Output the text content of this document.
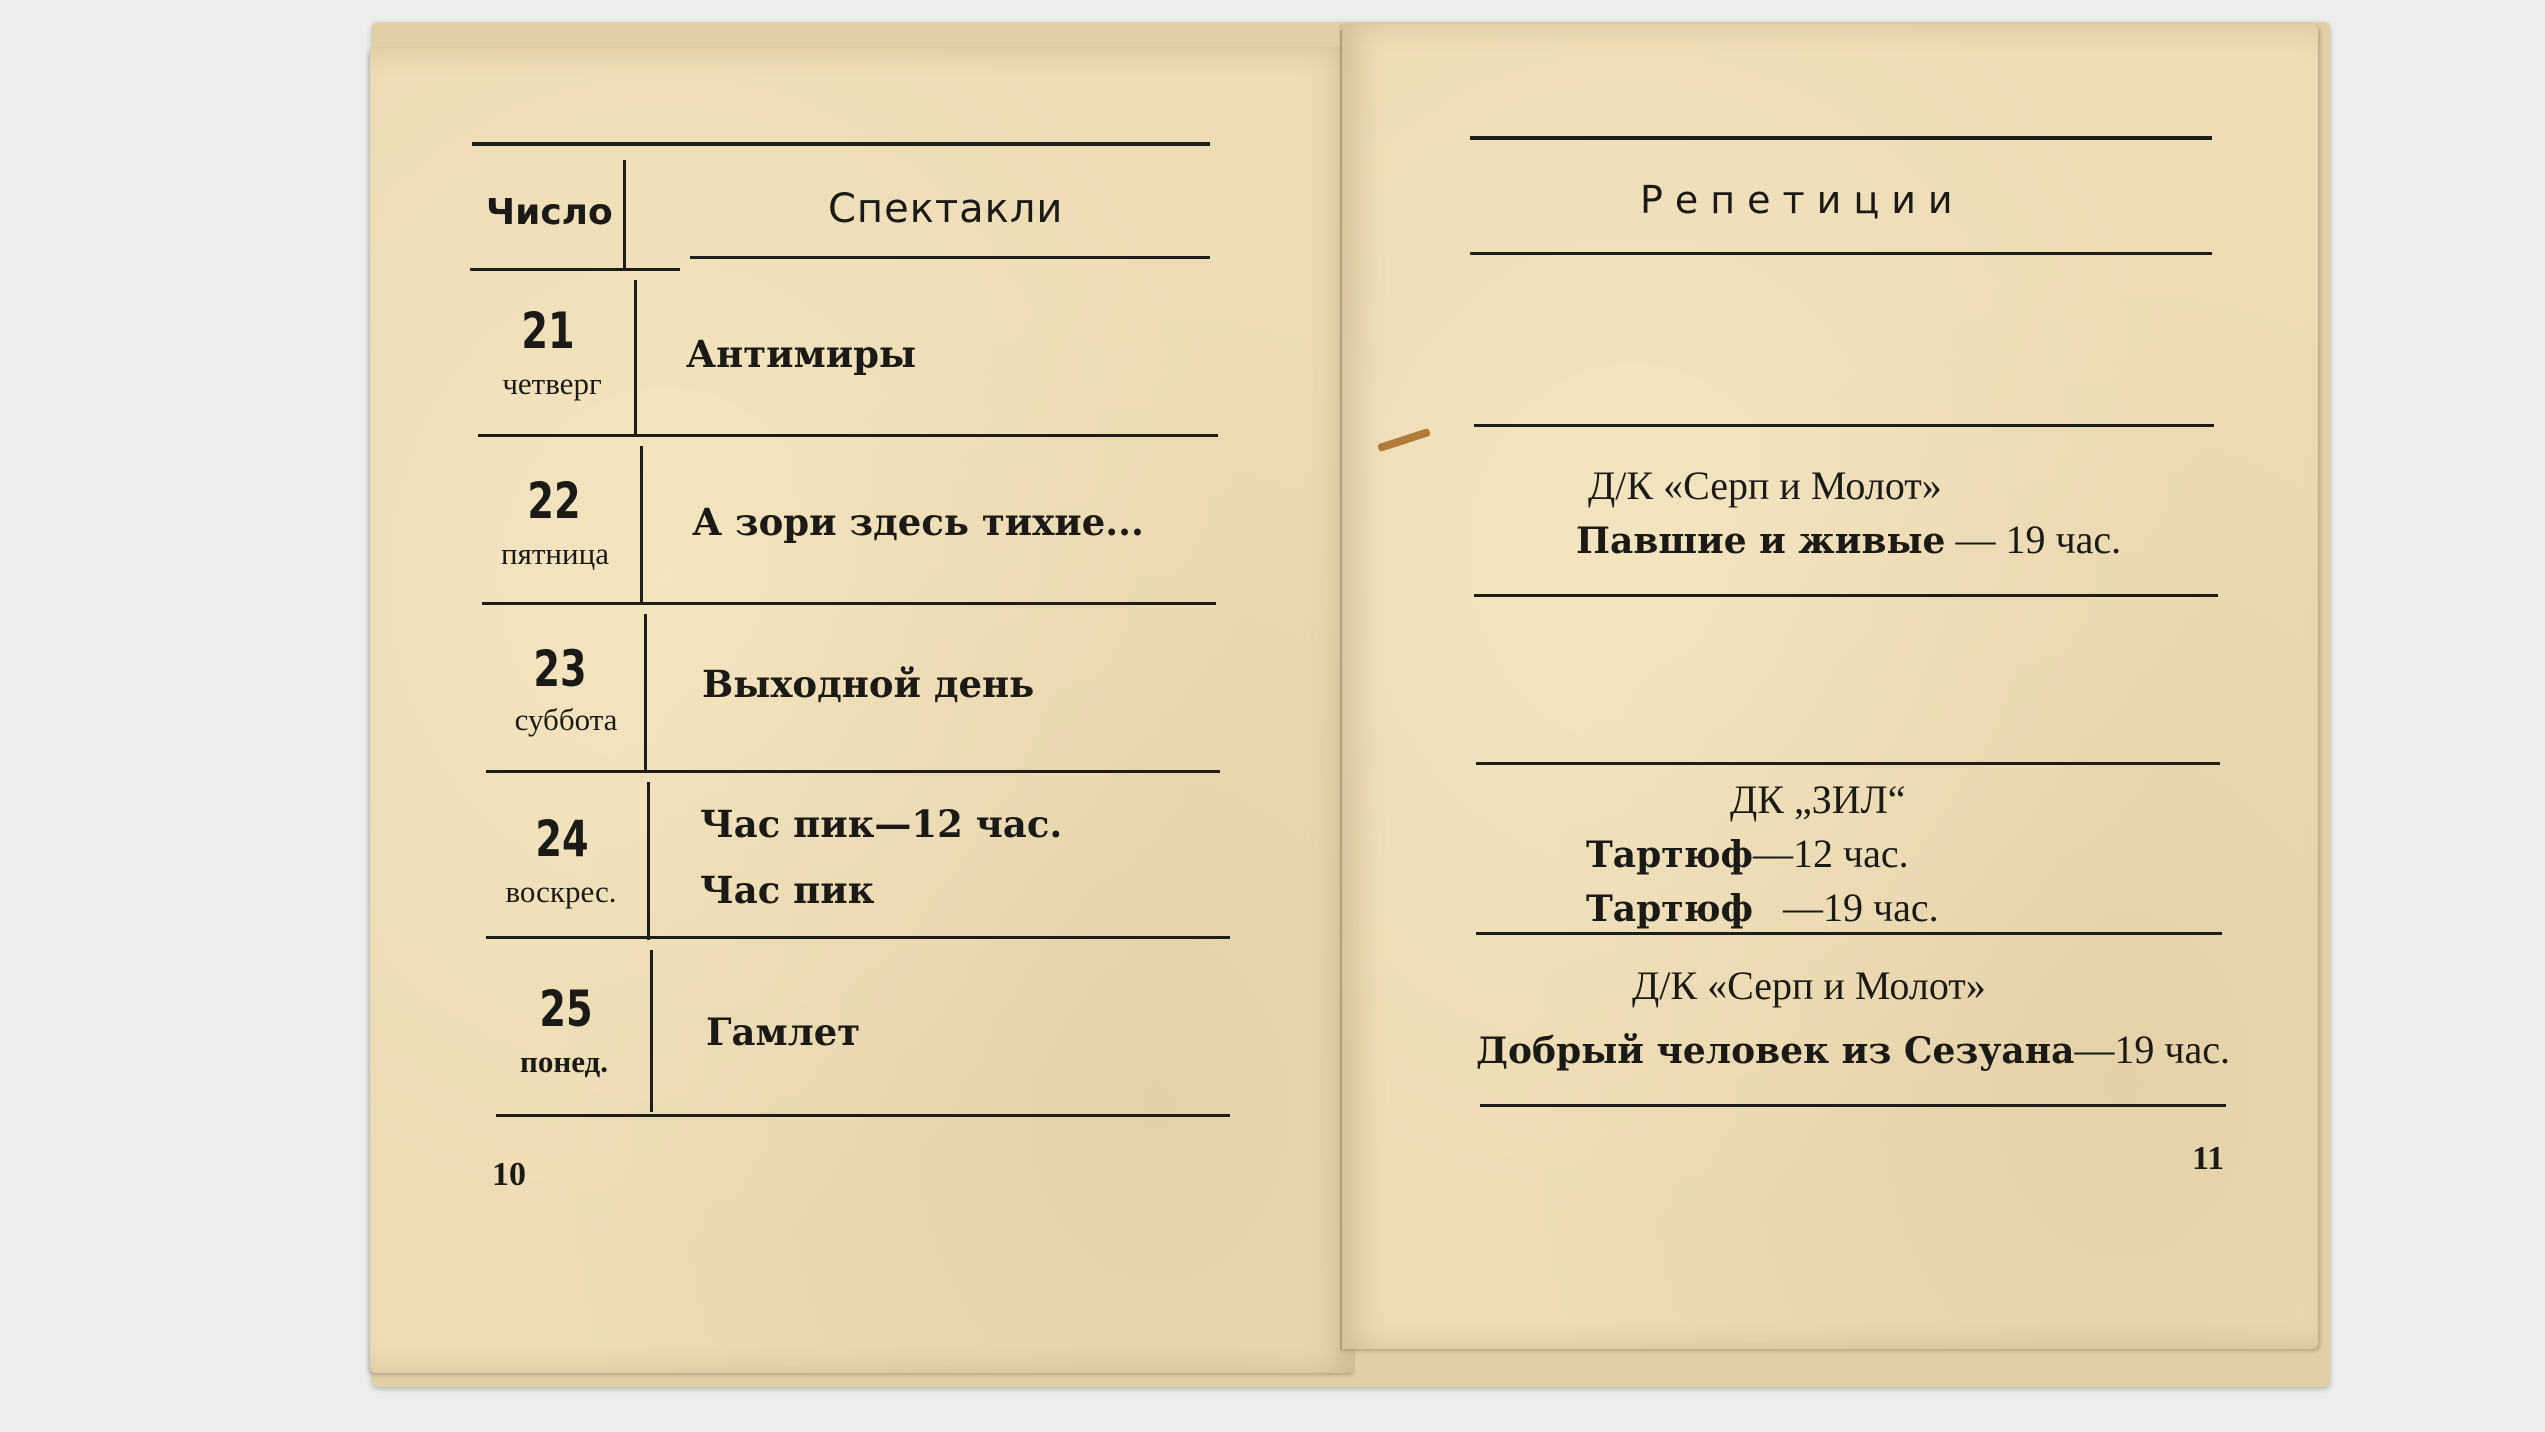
Число	Спектакли
21
четверг
Антимиры
22
пятница
А зори здесь тихие...
23
суббота
Выходной день
24
воскрес.
Час пик—12 час.
Час пик
25
понед.
Гамлет
10
Репетиции
Д/К «Серп и Молот»
Павшие и живые — 19 час.
ДК „ЗИЛ“
Тартюф—12 час.
Тартюф   —19 час.
Д/К «Серп и Молот»
Добрый человек из Сезуана—19 час.
11
